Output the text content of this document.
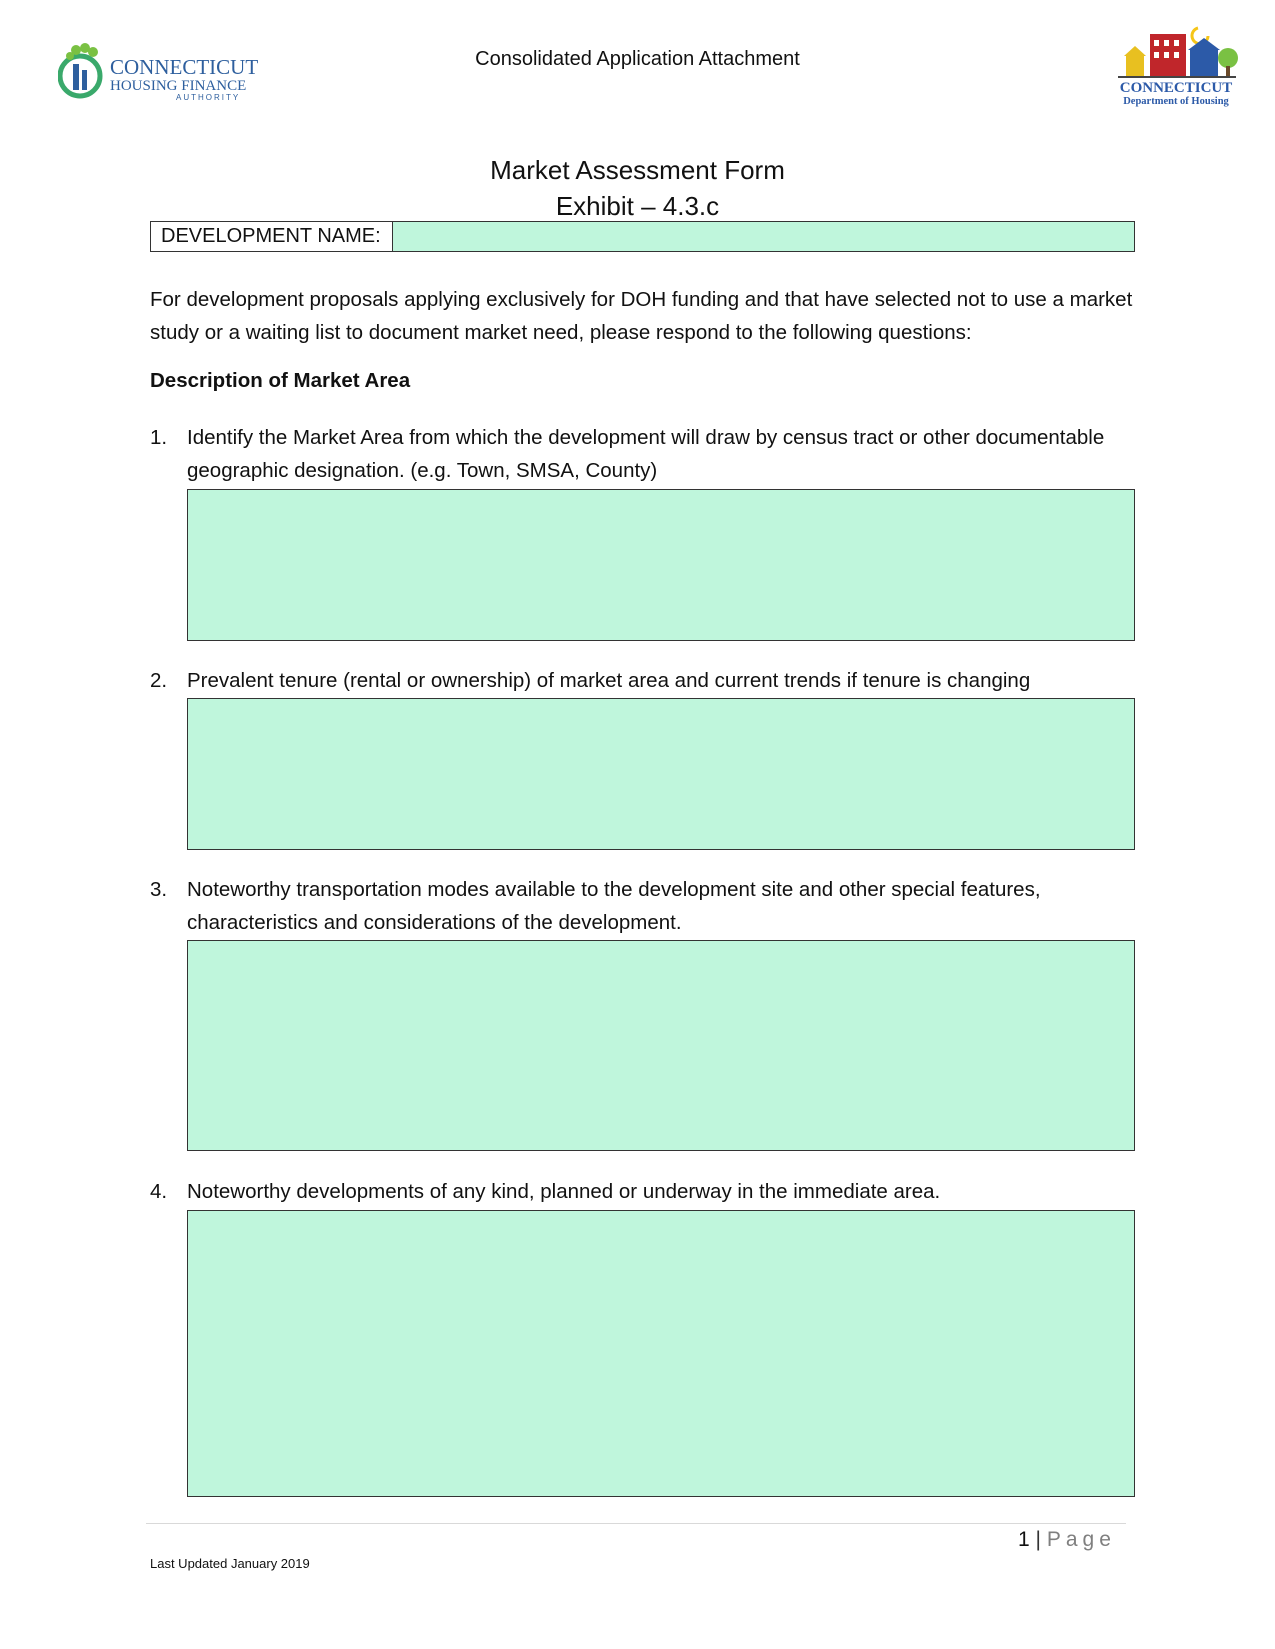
Consolidated Application Attachment
CONNECTICUT
HOUSING FINANCE
AUTHORITY
CONNECTICUT
Department of Housing
Market Assessment Form
Exhibit – 4.3.c
DEVELOPMENT NAME:
For development proposals applying exclusively for DOH funding and that have selected not to use a market study or a waiting list to document market need, please respond to the following questions:
Description of Market Area
1. Identify the Market Area from which the development will draw by census tract or other documentable geographic designation. (e.g. Town, SMSA, County)
2. Prevalent tenure (rental or ownership) of market area and current trends if tenure is changing
3. Noteworthy transportation modes available to the development site and other special features, characteristics and considerations of the development.
4. Noteworthy developments of any kind, planned or underway in the immediate area.
1 | Page
Last Updated January 2019
